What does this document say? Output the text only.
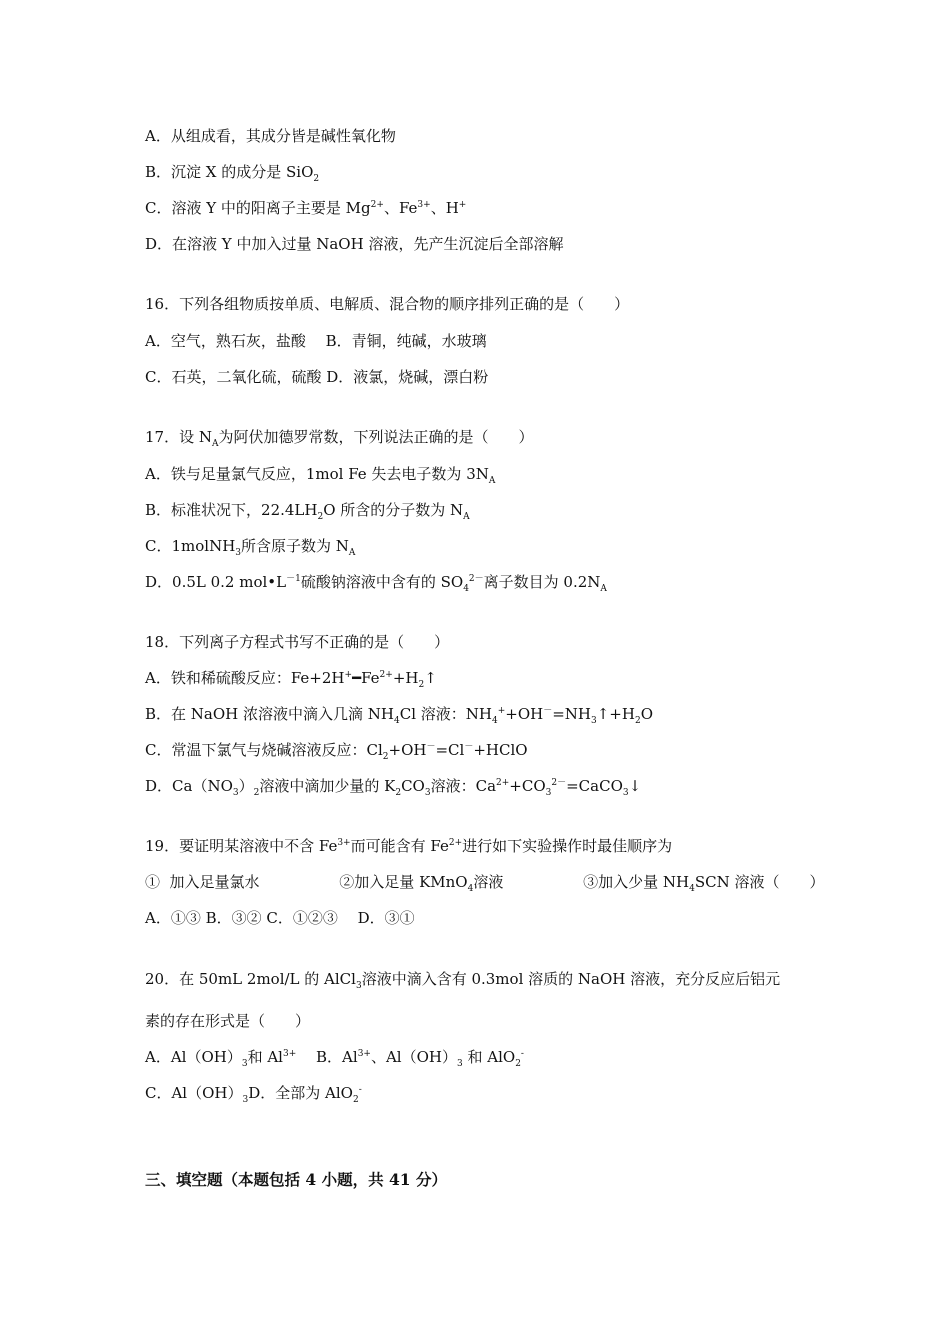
A．从组成看，其成分皆是碱性氧化物
B．沉淀 X 的成分是 SiO$_2$
C．溶液 Y 中的阳离子主要是 $Mg^{2+}$、$Fe^{3+}$、H+
D．在溶液 Y 中加入过量 NaOH 溶液，先产生沉淀后全部溶解
16．下列各组物质按单质、电解质、混合物的顺序排列正确的是（　　）
A．空气，熟石灰，盐酸　 B．青铜，纯碱，水玻璃
C．石英，二氧化硫，硫酸 D．液氯，烧碱，漂白粉
17．设 $N_A$为阿伏加德罗常数，下列说法正确的是（　　）
A．铁与足量氯气反应，1mol Fe 失去电子数为 $3N_A$
B．标准状况下，$22.4LH_2O$ 所含的分子数为 $N_A$
C．1molNH$_3$所含原子数为 $N_A$
D．0.5L 0.2 $mol•L^{-1}$硫酸钠溶液中含有的 $SO_4^{2-}$离子数目为 $0.2N_A$
18．下列离子方程式书写不正确的是（　　）
A．铁和稀硫酸反应：$Fe+2H^+━Fe^{2+}+H_2↑$
B．在 NaOH 浓溶液中滴入几滴 $NH_4Cl$ 溶液：$NH_4^++OH^-=NH_3↑+H_2O$
C．常温下氯气与烧碱溶液反应：$Cl_2+OH^-=Cl^-+HClO$
D．$Ca(NO_3)_2$溶液中滴加少量的 $K_2CO_3$溶液：$Ca^{2+}+CO_3^{2-}=CaCO_3↓$
19．要证明某溶液中不含 $Fe^{3+}$而可能含有 $Fe^{2+}$进行如下实验操作时最佳顺序为
①  加入足量氯水　　　　　 ②加入足量 KMnO$_4$溶液　　　　　 ③加入少量 $NH_4SCN$ 溶液（　　）
A．①③ B．③② C．①②③　 D．③①
20．在 50mL 2mol/L 的 AlCl$_3$溶液中滴入含有 0.3mol 溶质的 NaOH 溶液，充分反应后铝元
素的存在形式是（　　）
A．$Al(OH)_3$和 $Al^{3+}$　 B．$Al^{3+}$、$Al(OH)_3$ 和 AlO$_2$-
C．$Al(OH)_3D$．全部为 AlO$_2$-
三、填空题（本题包括 4 小题，共 41 分）
